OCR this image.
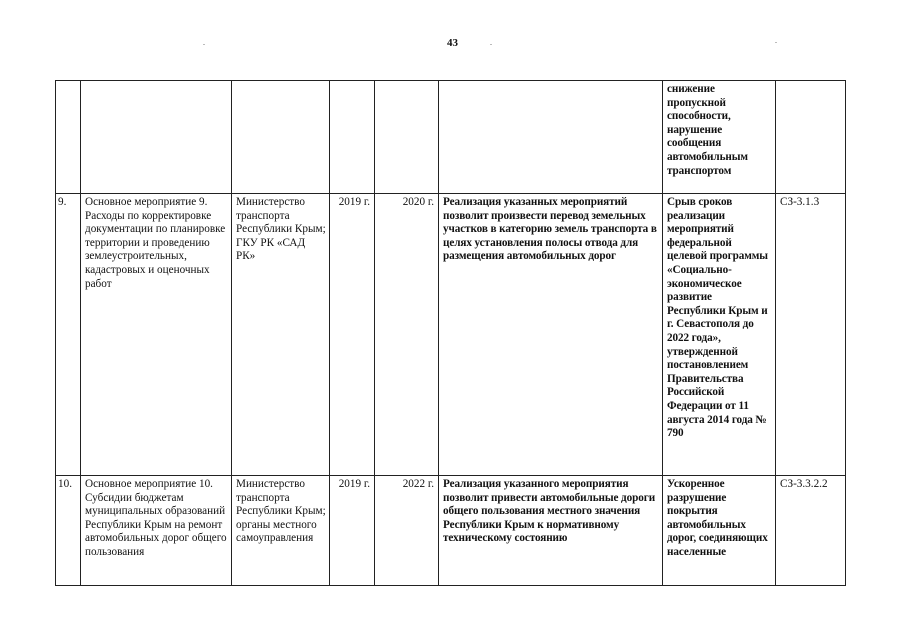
43
						снижение пропускной способности, нарушение сообщения автомобильным транспортом	
9.	Основное мероприятие 9. Расходы по корректировке документации по планировке территории и проведению землеустроительных, кадастровых и оценочных работ	Министерство транспорта Республики Крым; ГКУ РК «САД РК»	2019 г.	2020 г.	Реализация указанных мероприятий позволит произвести перевод земельных участков в категорию земель транспорта в целях установления полосы отвода для размещения автомобильных дорог	Срыв сроков реализации мероприятий федеральной целевой программы «Социально-экономическое развитие Республики Крым и г. Севастополя до 2022 года», утвержденной постановлением Правительства Российской Федерации от 11 августа 2014 года № 790	СЗ-3.1.3
10.	Основное мероприятие 10. Субсидии бюджетам муниципальных образований Республики Крым на ремонт автомобильных дорог общего пользования	Министерство транспорта Республики Крым; органы местного самоуправления	2019 г.	2022 г.	Реализация указанного мероприятия позволит привести автомобильные дороги общего пользования местного значения Республики Крым к нормативному техническому состоянию	Ускоренное разрушение покрытия автомобильных дорог, соединяющих населенные	СЗ-3.3.2.2
